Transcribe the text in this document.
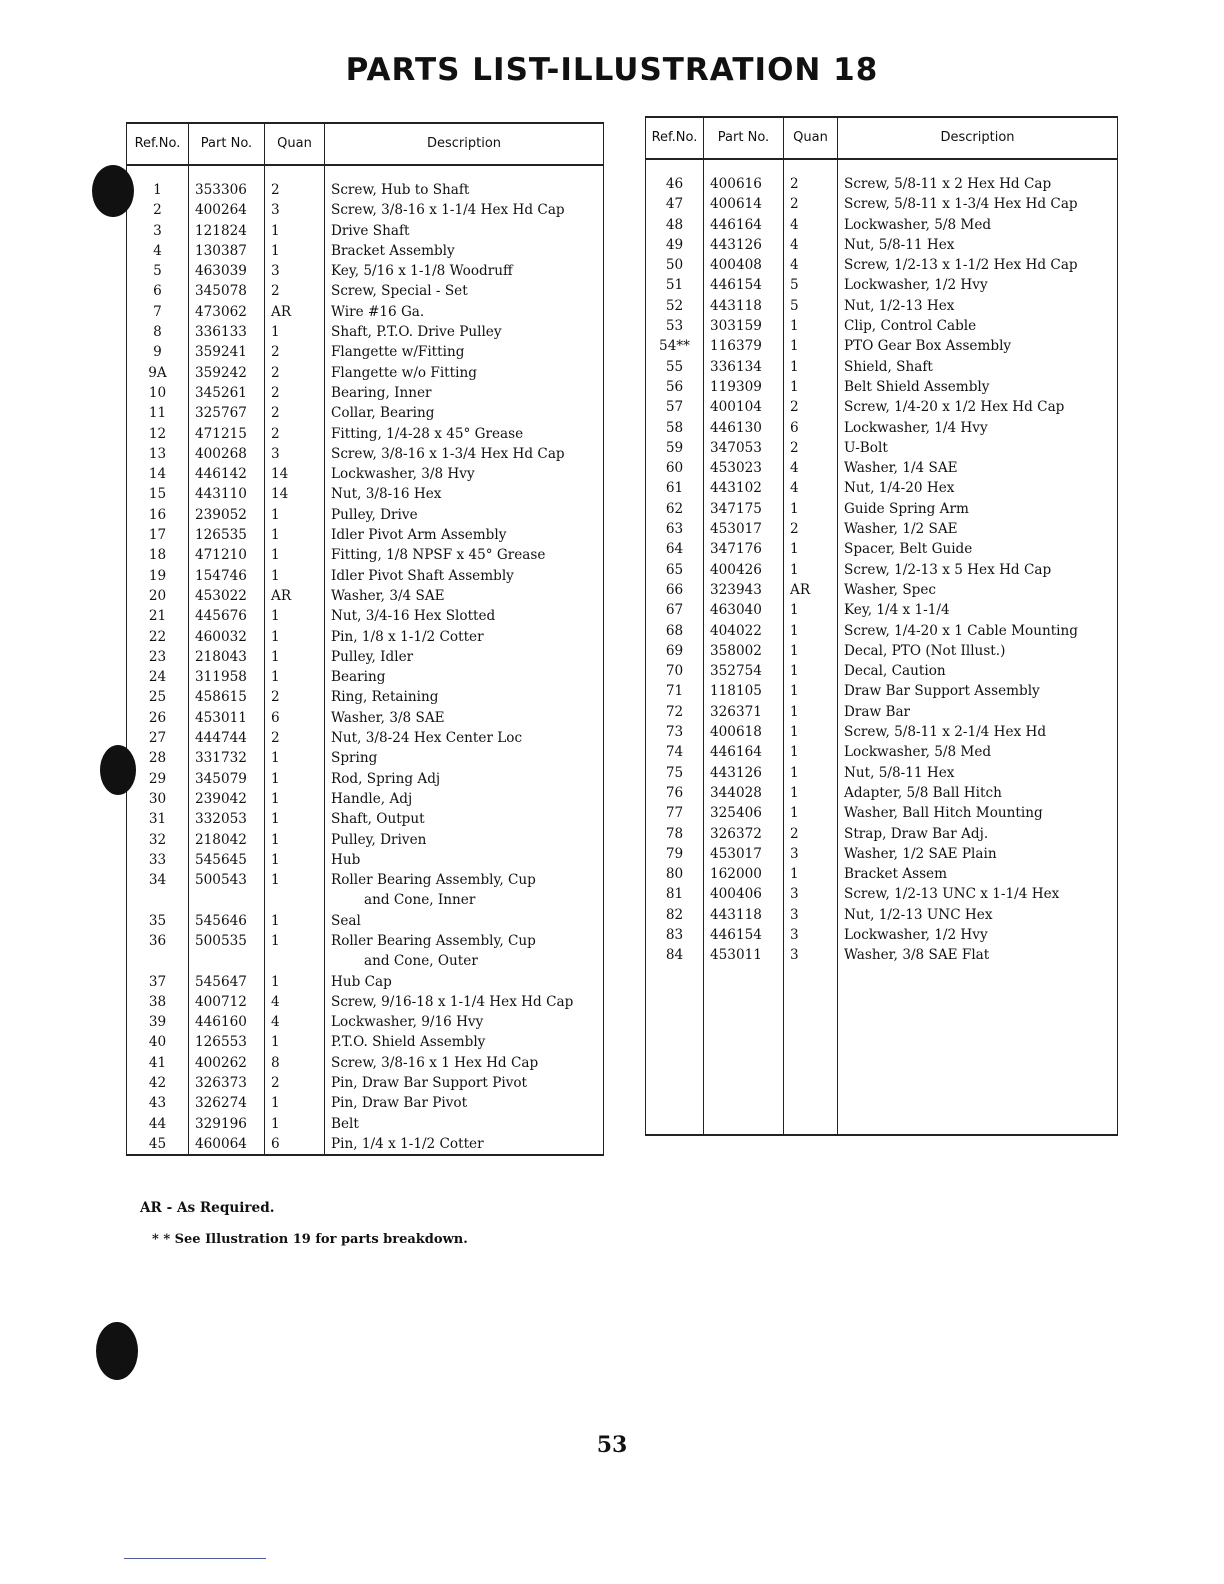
PARTS LIST-ILLUSTRATION 18
Ref.No.	Part No.	Quan	Description
1	353306	2	Screw, Hub to Shaft
2	400264	3	Screw, 3/8-16 x 1-1/4 Hex Hd Cap
3	121824	1	Drive Shaft
4	130387	1	Bracket Assembly
5	463039	3	Key, 5/16 x 1-1/8 Woodruff
6	345078	2	Screw, Special - Set
7	473062	AR	Wire #16 Ga.
8	336133	1	Shaft, P.T.O. Drive Pulley
9	359241	2	Flangette w/Fitting
9A	359242	2	Flangette w/o Fitting
10	345261	2	Bearing, Inner
11	325767	2	Collar, Bearing
12	471215	2	Fitting, 1/4-28 x 45° Grease
13	400268	3	Screw, 3/8-16 x 1-3/4 Hex Hd Cap
14	446142	14	Lockwasher, 3/8 Hvy
15	443110	14	Nut, 3/8-16 Hex
16	239052	1	Pulley, Drive
17	126535	1	Idler Pivot Arm Assembly
18	471210	1	Fitting, 1/8 NPSF x 45° Grease
19	154746	1	Idler Pivot Shaft Assembly
20	453022	AR	Washer, 3/4 SAE
21	445676	1	Nut, 3/4-16 Hex Slotted
22	460032	1	Pin, 1/8 x 1-1/2 Cotter
23	218043	1	Pulley, Idler
24	311958	1	Bearing
25	458615	2	Ring, Retaining
26	453011	6	Washer, 3/8 SAE
27	444744	2	Nut, 3/8-24 Hex Center Loc
28	331732	1	Spring
29	345079	1	Rod, Spring Adj
30	239042	1	Handle, Adj
31	332053	1	Shaft, Output
32	218042	1	Pulley, Driven
33	545645	1	Hub
34	500543	1	Roller Bearing Assembly, Cup
and Cone, Inner

35	545646	1	Seal
36	500535	1	Roller Bearing Assembly, Cup
and Cone, Outer

37	545647	1	Hub Cap
38	400712	4	Screw, 9/16-18 x 1-1/4 Hex Hd Cap
39	446160	4	Lockwasher, 9/16 Hvy
40	126553	1	P.T.O. Shield Assembly
41	400262	8	Screw, 3/8-16 x 1 Hex Hd Cap
42	326373	2	Pin, Draw Bar Support Pivot
43	326274	1	Pin, Draw Bar Pivot
44	329196	1	Belt
45	460064	6	Pin, 1/4 x 1-1/2 Cotter
Ref.No.	Part No.	Quan	Description
46	400616	2	Screw, 5/8-11 x 2 Hex Hd Cap
47	400614	2	Screw, 5/8-11 x 1-3/4 Hex Hd Cap
48	446164	4	Lockwasher, 5/8 Med
49	443126	4	Nut, 5/8-11 Hex
50	400408	4	Screw, 1/2-13 x 1-1/2 Hex Hd Cap
51	446154	5	Lockwasher, 1/2 Hvy
52	443118	5	Nut, 1/2-13 Hex
53	303159	1	Clip, Control Cable
54**	116379	1	PTO Gear Box Assembly
55	336134	1	Shield, Shaft
56	119309	1	Belt Shield Assembly
57	400104	2	Screw, 1/4-20 x 1/2 Hex Hd Cap
58	446130	6	Lockwasher, 1/4 Hvy
59	347053	2	U-Bolt
60	453023	4	Washer, 1/4 SAE
61	443102	4	Nut, 1/4-20 Hex
62	347175	1	Guide Spring Arm
63	453017	2	Washer, 1/2 SAE
64	347176	1	Spacer, Belt Guide
65	400426	1	Screw, 1/2-13 x 5 Hex Hd Cap
66	323943	AR	Washer, Spec
67	463040	1	Key, 1/4 x 1-1/4
68	404022	1	Screw, 1/4-20 x 1 Cable Mounting
69	358002	1	Decal, PTO (Not Illust.)
70	352754	1	Decal, Caution
71	118105	1	Draw Bar Support Assembly
72	326371	1	Draw Bar
73	400618	1	Screw, 5/8-11 x 2-1/4 Hex Hd
74	446164	1	Lockwasher, 5/8 Med
75	443126	1	Nut, 5/8-11 Hex
76	344028	1	Adapter, 5/8 Ball Hitch
77	325406	1	Washer, Ball Hitch Mounting
78	326372	2	Strap, Draw Bar Adj.
79	453017	3	Washer, 1/2 SAE Plain
80	162000	1	Bracket Assem
81	400406	3	Screw, 1/2-13 UNC x 1-1/4 Hex
82	443118	3	Nut, 1/2-13 UNC Hex
83	446154	3	Lockwasher, 1/2 Hvy
84	453011	3	Washer, 3/8 SAE Flat

AR - As Required.
* * See Illustration 19 for parts breakdown.
53
